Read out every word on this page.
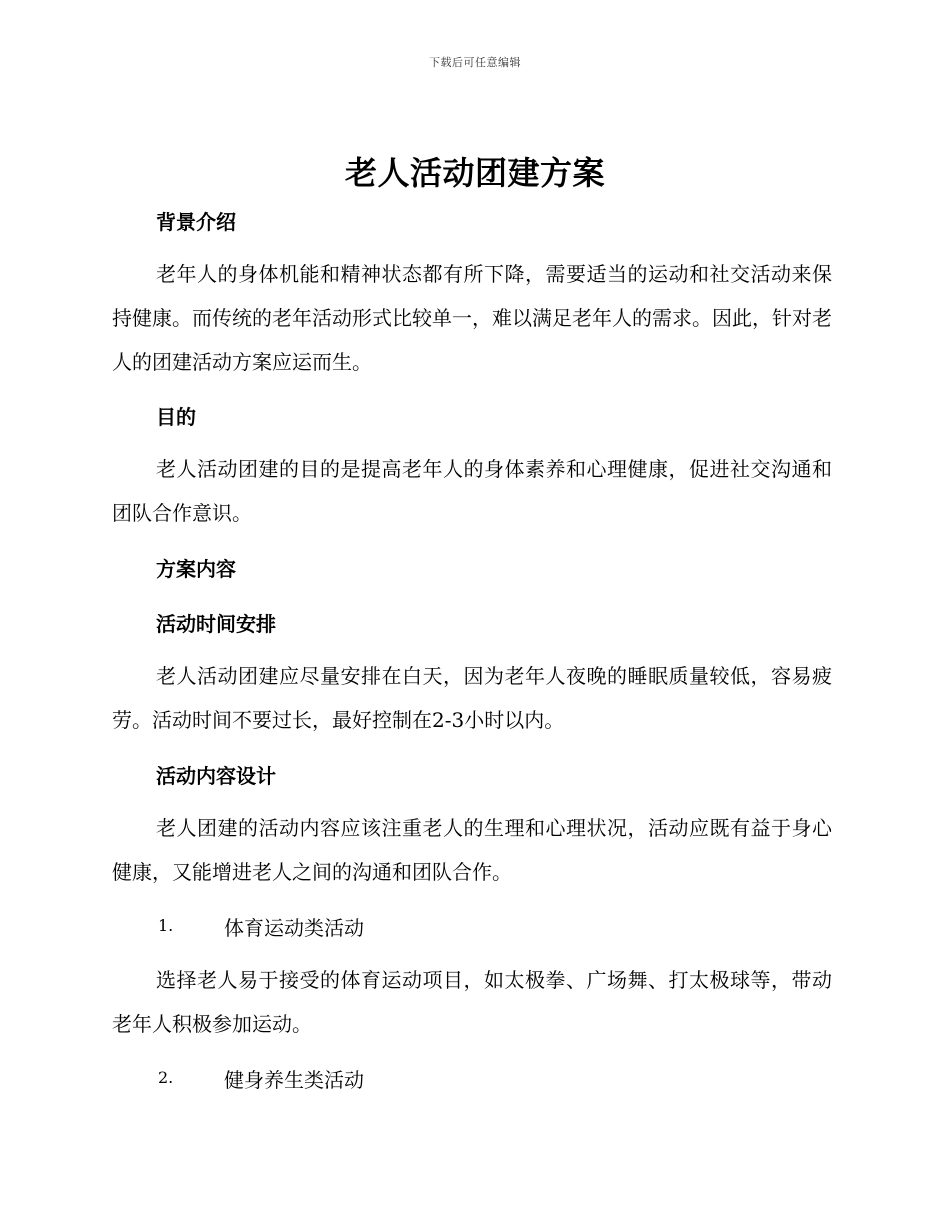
下载后可任意编辑
老人活动团建方案
背景介绍
老年人的身体机能和精神状态都有所下降，需要适当的运动和社交活动来保持健康。而传统的老年活动形式比较单一，难以满足老年人的需求。因此，针对老人的团建活动方案应运而生。
目的
老人活动团建的目的是提高老年人的身体素养和心理健康，促进社交沟通和团队合作意识。
方案内容
活动时间安排
老人活动团建应尽量安排在白天，因为老年人夜晚的睡眠质量较低，容易疲劳。活动时间不要过长，最好控制在2-3小时以内。
活动内容设计
老人团建的活动内容应该注重老人的生理和心理状况，活动应既有益于身心健康，又能增进老人之间的沟通和团队合作。
1.	体育运动类活动
选择老人易于接受的体育运动项目，如太极拳、广场舞、打太极球等，带动老年人积极参加运动。
2.	健身养生类活动
